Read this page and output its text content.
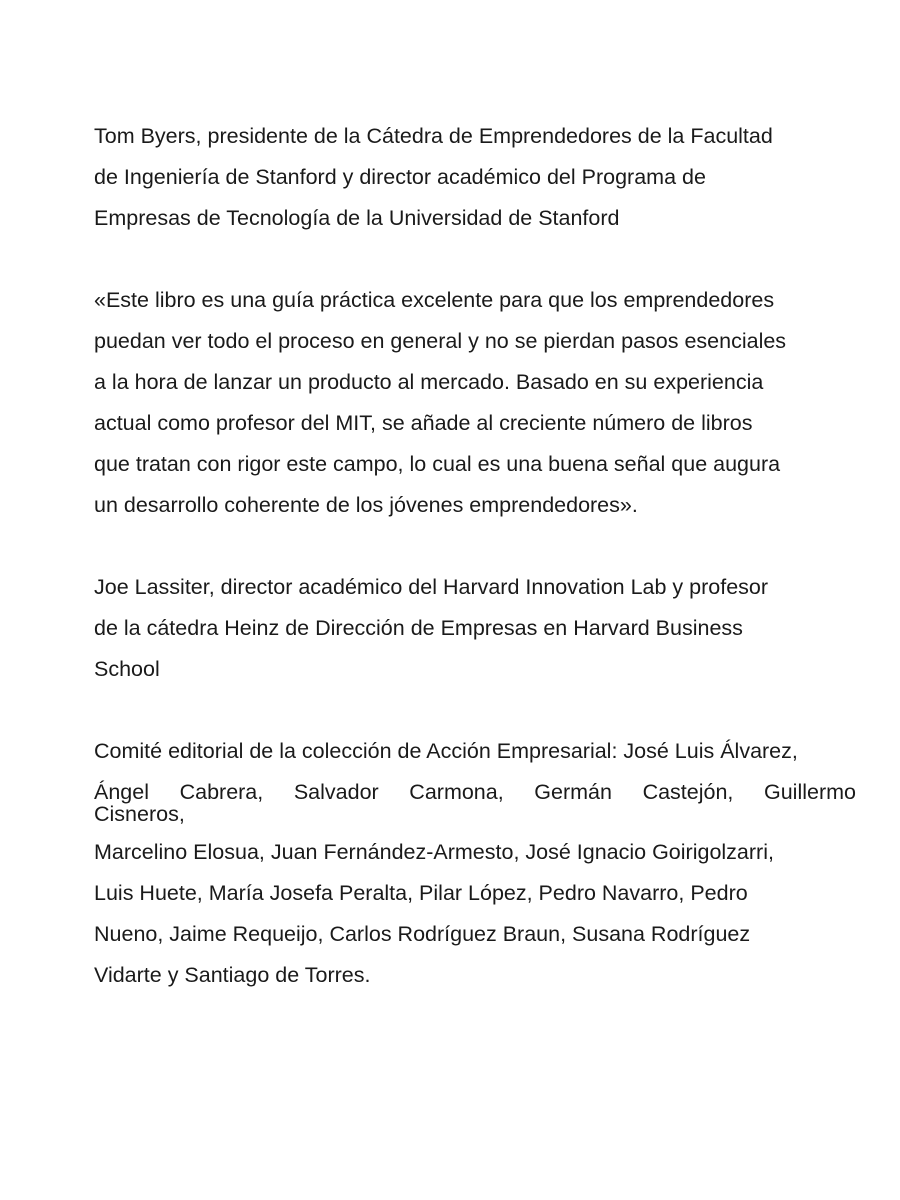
Tom Byers, presidente de la Cátedra de Emprendedores de la Facultad
de Ingeniería de Stanford y director académico del Programa de
Empresas de Tecnología de la Universidad de Stanford
«Este libro es una guía práctica excelente para que los emprendedores
puedan ver todo el proceso en general y no se pierdan pasos esenciales
a la hora de lanzar un producto al mercado. Basado en su experiencia
actual como profesor del MIT, se añade al creciente número de libros
que tratan con rigor este campo, lo cual es una buena señal que augura
un desarrollo coherente de los jóvenes emprendedores».
Joe Lassiter, director académico del Harvard Innovation Lab y profesor
de la cátedra Heinz de Dirección de Empresas en Harvard Business
School
Comité editorial de la colección de Acción Empresarial: José Luis Álvarez,
Ángel Cabrera, Salvador Carmona, Germán Castejón, Guillermo
Cisneros,
Marcelino Elosua, Juan Fernández-Armesto, José Ignacio Goirigolzarri,
Luis Huete, María Josefa Peralta, Pilar López, Pedro Navarro, Pedro
Nueno, Jaime Requeijo, Carlos Rodríguez Braun, Susana Rodríguez
Vidarte y Santiago de Torres.
